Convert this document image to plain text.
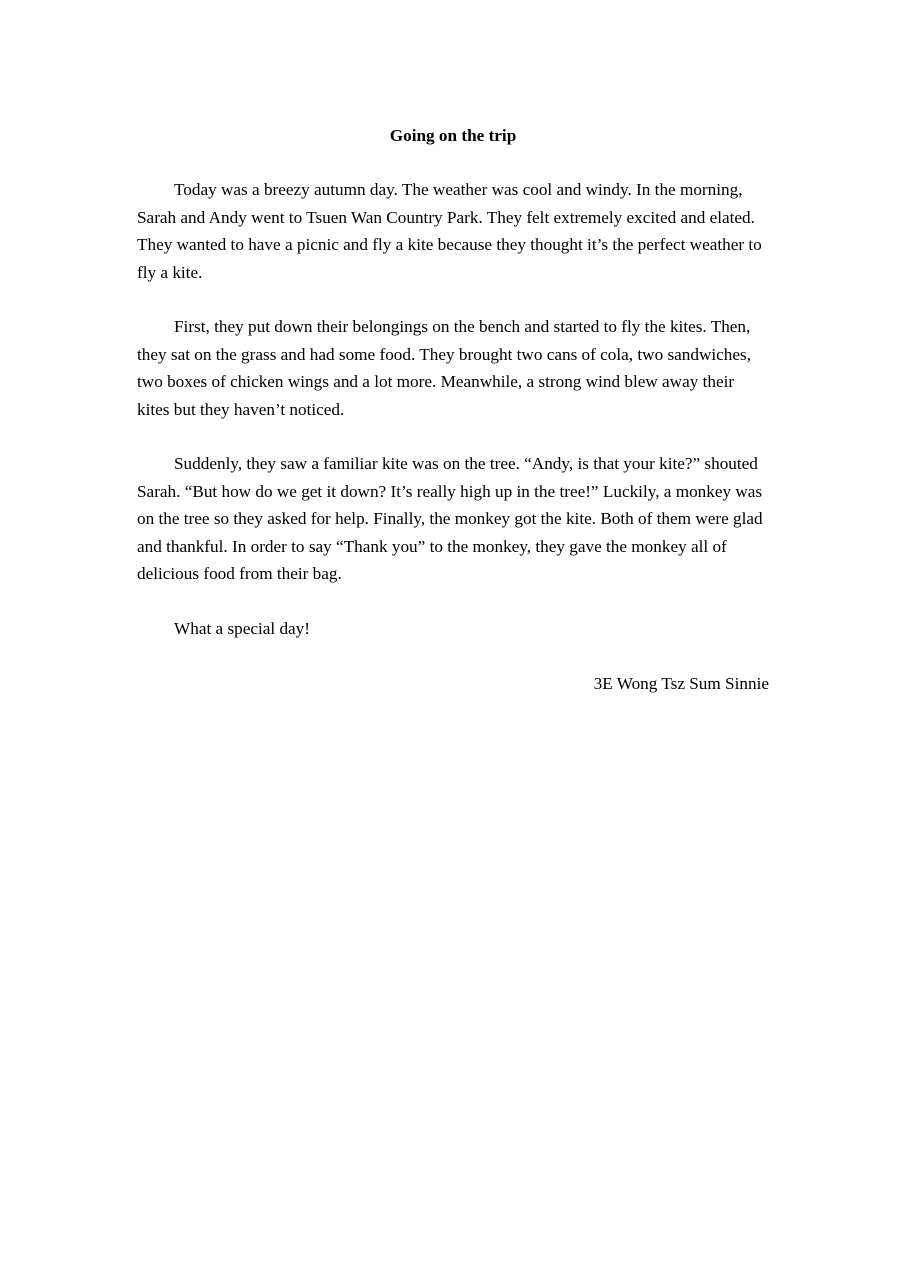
Going on the trip

Today was a breezy autumn day. The weather was cool and windy. In the morning, Sarah and Andy went to Tsuen Wan Country Park. They felt extremely excited and elated. They wanted to have a picnic and fly a kite because they thought it’s the perfect weather to fly a kite.

First, they put down their belongings on the bench and started to fly the kites. Then, they sat on the grass and had some food. They brought two cans of cola, two sandwiches, two boxes of chicken wings and a lot more. Meanwhile, a strong wind blew away their kites but they haven’t noticed.

Suddenly, they saw a familiar kite was on the tree. “Andy, is that your kite?” shouted Sarah. “But how do we get it down? It’s really high up in the tree!” Luckily, a monkey was on the tree so they asked for help. Finally, the monkey got the kite. Both of them were glad and thankful. In order to say “Thank you” to the monkey, they gave the monkey all of delicious food from their bag.

What a special day!

3E Wong Tsz Sum Sinnie
